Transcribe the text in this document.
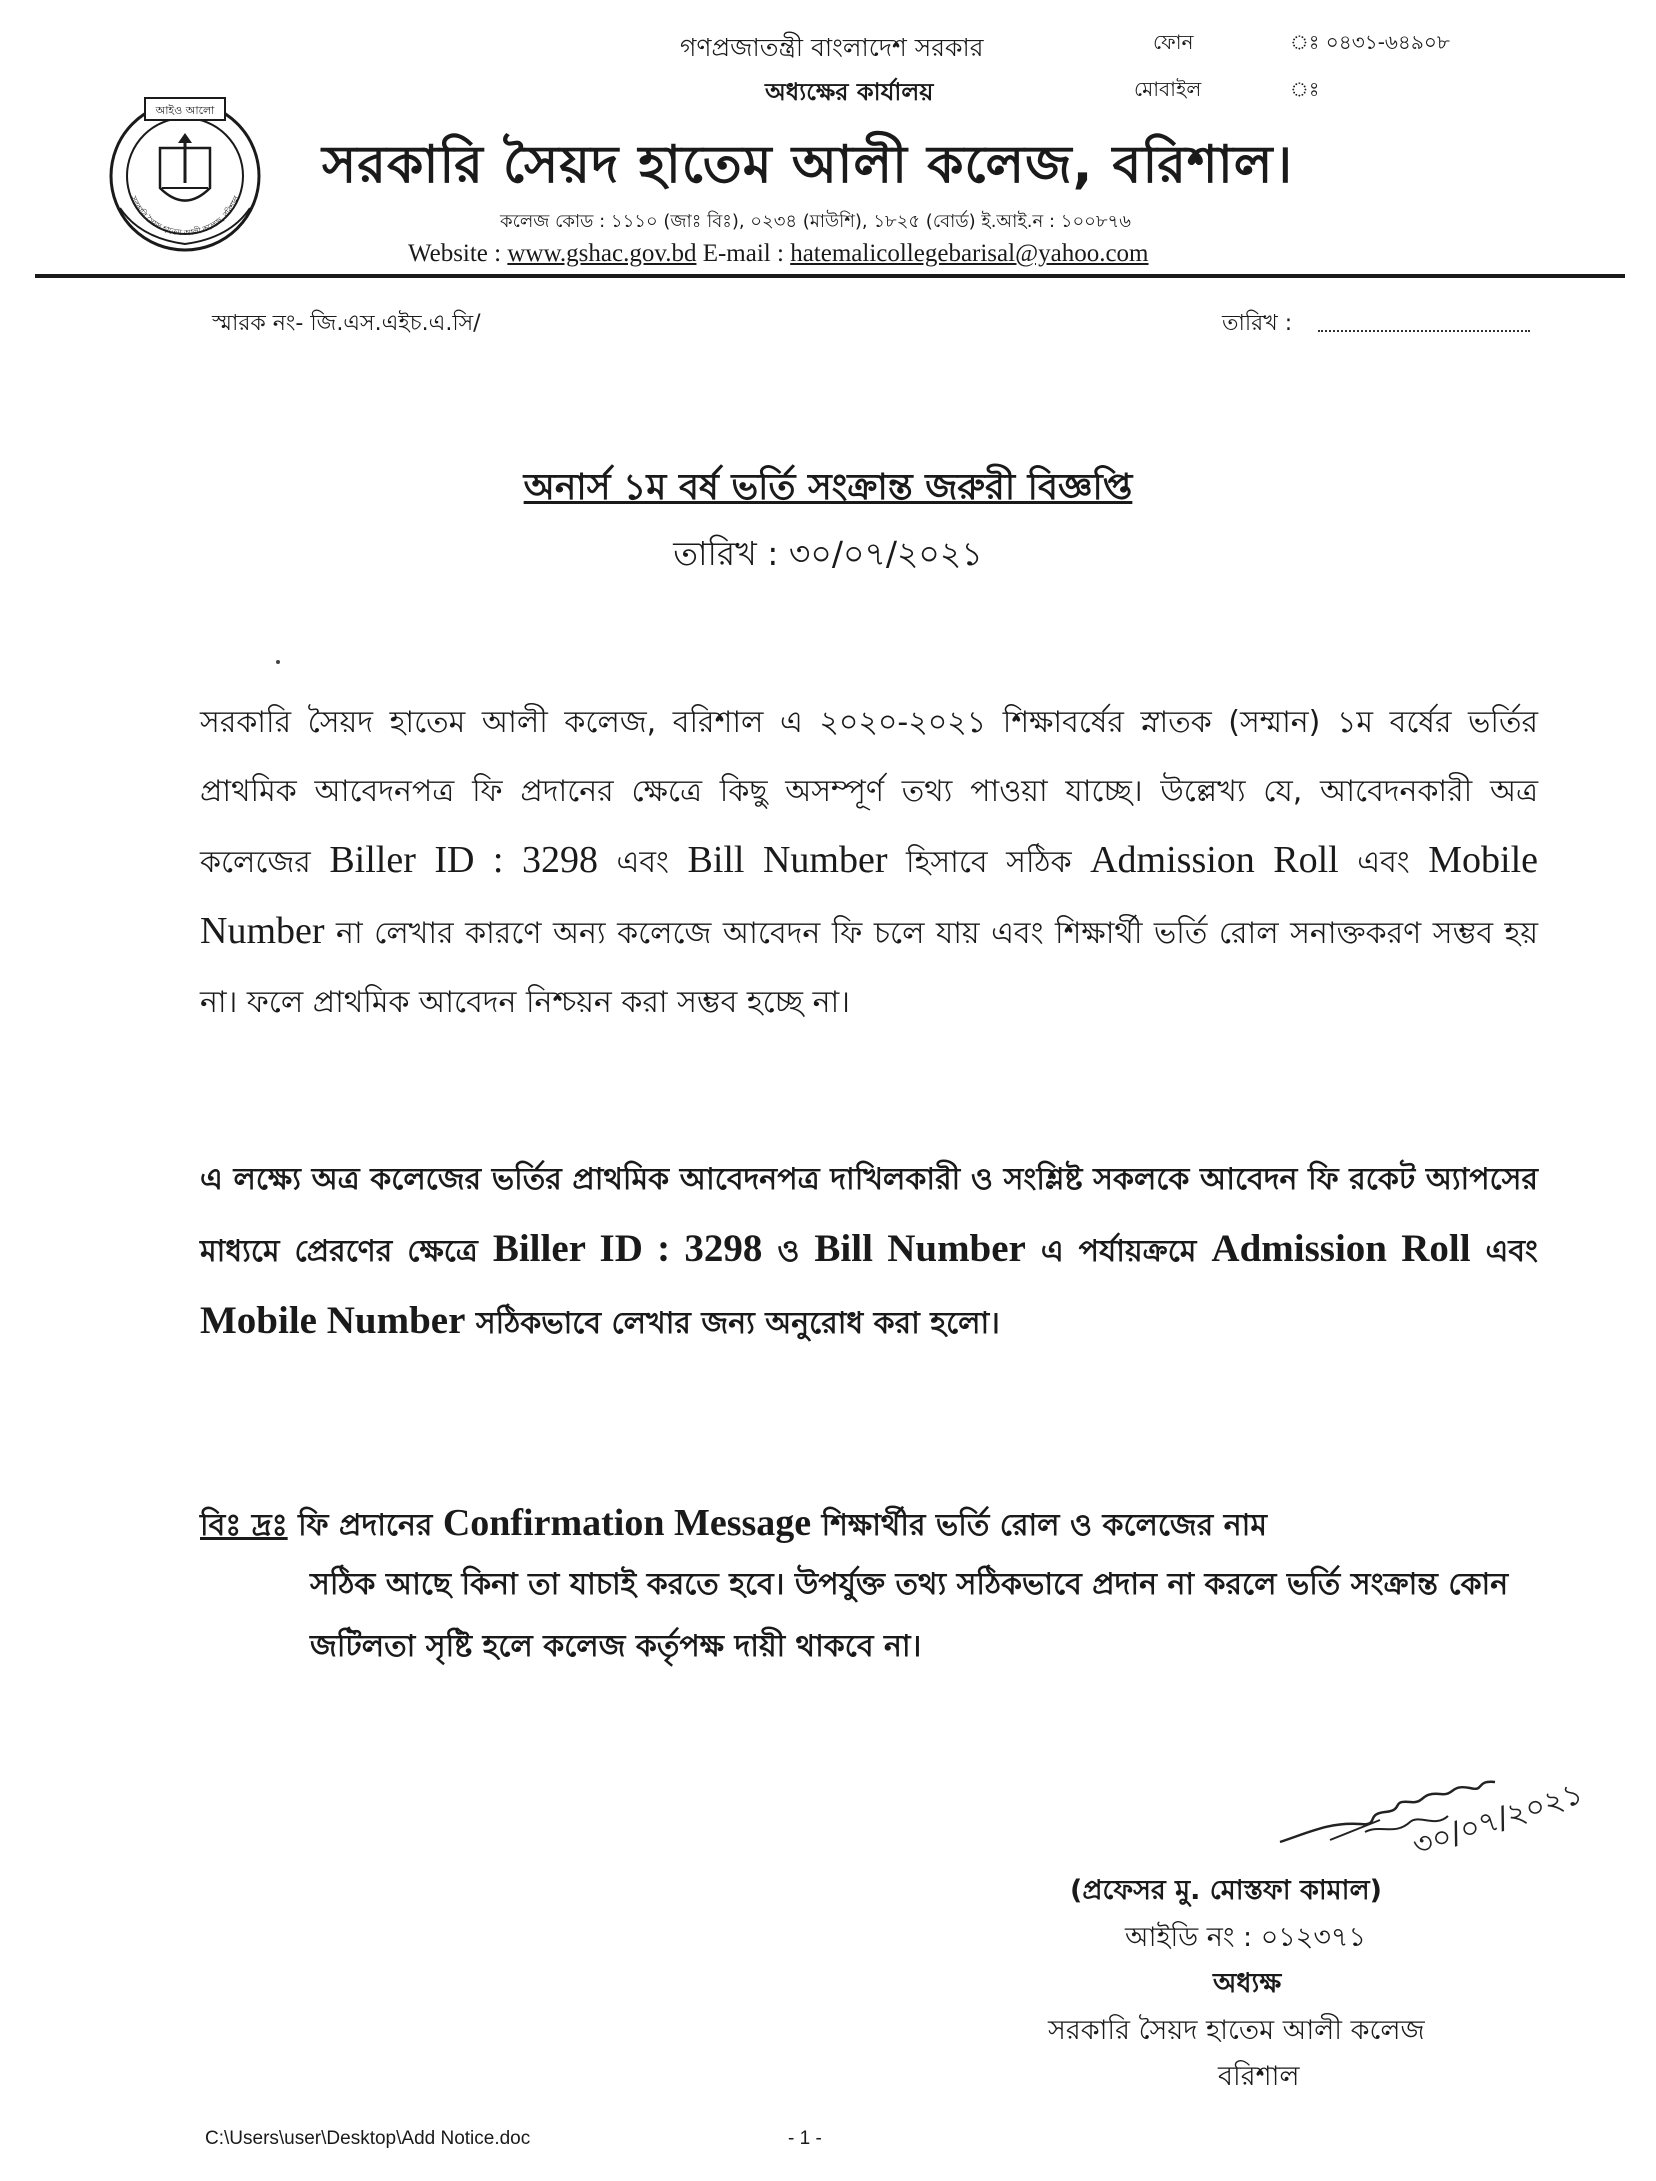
গণপ্রজাতন্ত্রী বাংলাদেশ সরকার
অধ্যক্ষের কার্যালয়
ফোন	ঃ ০৪৩১-৬৪৯০৮
মোবাইল	ঃ
আইও আলো
সরকারি সৈয়দ হাতেম আলী কলেজ, বরিশাল
সরকারি সৈয়দ হাতেম আলী কলেজ, বরিশাল।
কলেজ কোড : ১১১০ (জাঃ বিঃ), ০২৩৪ (মাউশি), ১৮২৫ (বোর্ড) ই.আই.ন : ১০০৮৭৬
Website : www.gshac.gov.bd E-mail : hatemalicollegebarisal@yahoo.com
স্মারক নং- জি.এস.এইচ.এ.সি/	তারিখ :
অনার্স ১ম বর্ষ ভর্তি সংক্রান্ত জরুরী বিজ্ঞপ্তি
তারিখ : ৩০/০৭/২০২১
সরকারি সৈয়দ হাতেম আলী কলেজ, বরিশাল এ ২০২০-২০২১ শিক্ষাবর্ষের স্নাতক (সম্মান) ১ম বর্ষের ভর্তির প্রাথমিক আবেদনপত্র ফি প্রদানের ক্ষেত্রে কিছু অসম্পূর্ণ তথ্য পাওয়া যাচ্ছে। উল্লেখ্য যে, আবেদনকারী অত্র কলেজের Biller ID : 3298 এবং Bill Number হিসাবে সঠিক Admission Roll এবং Mobile Number না লেখার কারণে অন্য কলেজে আবেদন ফি চলে যায় এবং শিক্ষার্থী ভর্তি রোল সনাক্তকরণ সম্ভব হয় না। ফলে প্রাথমিক আবেদন নিশ্চয়ন করা সম্ভব হচ্ছে না।
এ লক্ষ্যে অত্র কলেজের ভর্তির প্রাথমিক আবেদনপত্র দাখিলকারী ও সংশ্লিষ্ট সকলকে আবেদন ফি রকেট অ্যাপসের মাধ্যমে প্রেরণের ক্ষেত্রে Biller ID : 3298 ও Bill Number এ পর্যায়ক্রমে Admission Roll এবং Mobile Number সঠিকভাবে লেখার জন্য অনুরোধ করা হলো।
বিঃ দ্রঃ ফি প্রদানের Confirmation Message শিক্ষার্থীর ভর্তি রোল ও কলেজের নাম
সঠিক আছে কিনা তা যাচাই করতে হবে। উপর্যুক্ত তথ্য সঠিকভাবে প্রদান না করলে ভর্তি সংক্রান্ত কোন জটিলতা সৃষ্টি হলে কলেজ কর্তৃপক্ষ দায়ী থাকবে না।
৩০/০৭/২০২১
(প্রফেসর মু. মোস্তফা কামাল)
আইডি নং : ০১২৩৭১
অধ্যক্ষ
সরকারি সৈয়দ হাতেম আলী কলেজ
বরিশাল
C:\Users\user\Desktop\Add Notice.doc	- 1 -
